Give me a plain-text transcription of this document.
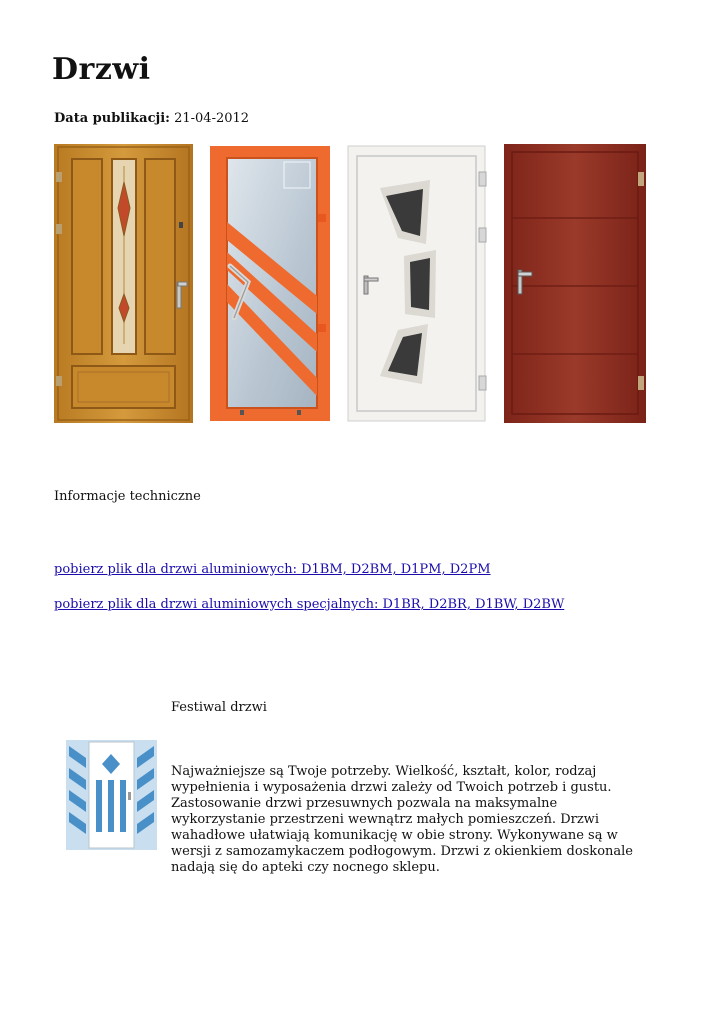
Drzwi
Data publikacji: 21-04-2012
Informacje techniczne
pobierz plik dla drzwi aluminiowych: D1BM, D2BM, D1PM, D2PM
pobierz plik dla drzwi aluminiowych specjalnych: D1BR, D2BR, D1BW, D2BW
Festiwal drzwi

Najważniejsze są Twoje potrzeby. Wielkość, kształt, kolor, rodzaj wypełnienia i wyposażenia drzwi zależy od Twoich potrzeb i gustu. Zastosowanie drzwi przesuwnych pozwala na maksymalne wykorzystanie przestrzeni wewnątrz małych pomieszczeń. Drzwi wahadłowe ułatwiają komunikację w obie strony. Wykonywane są w wersji z samozamykaczem podłogowym. Drzwi z okienkiem doskonale nadają się do apteki czy nocnego sklepu.
